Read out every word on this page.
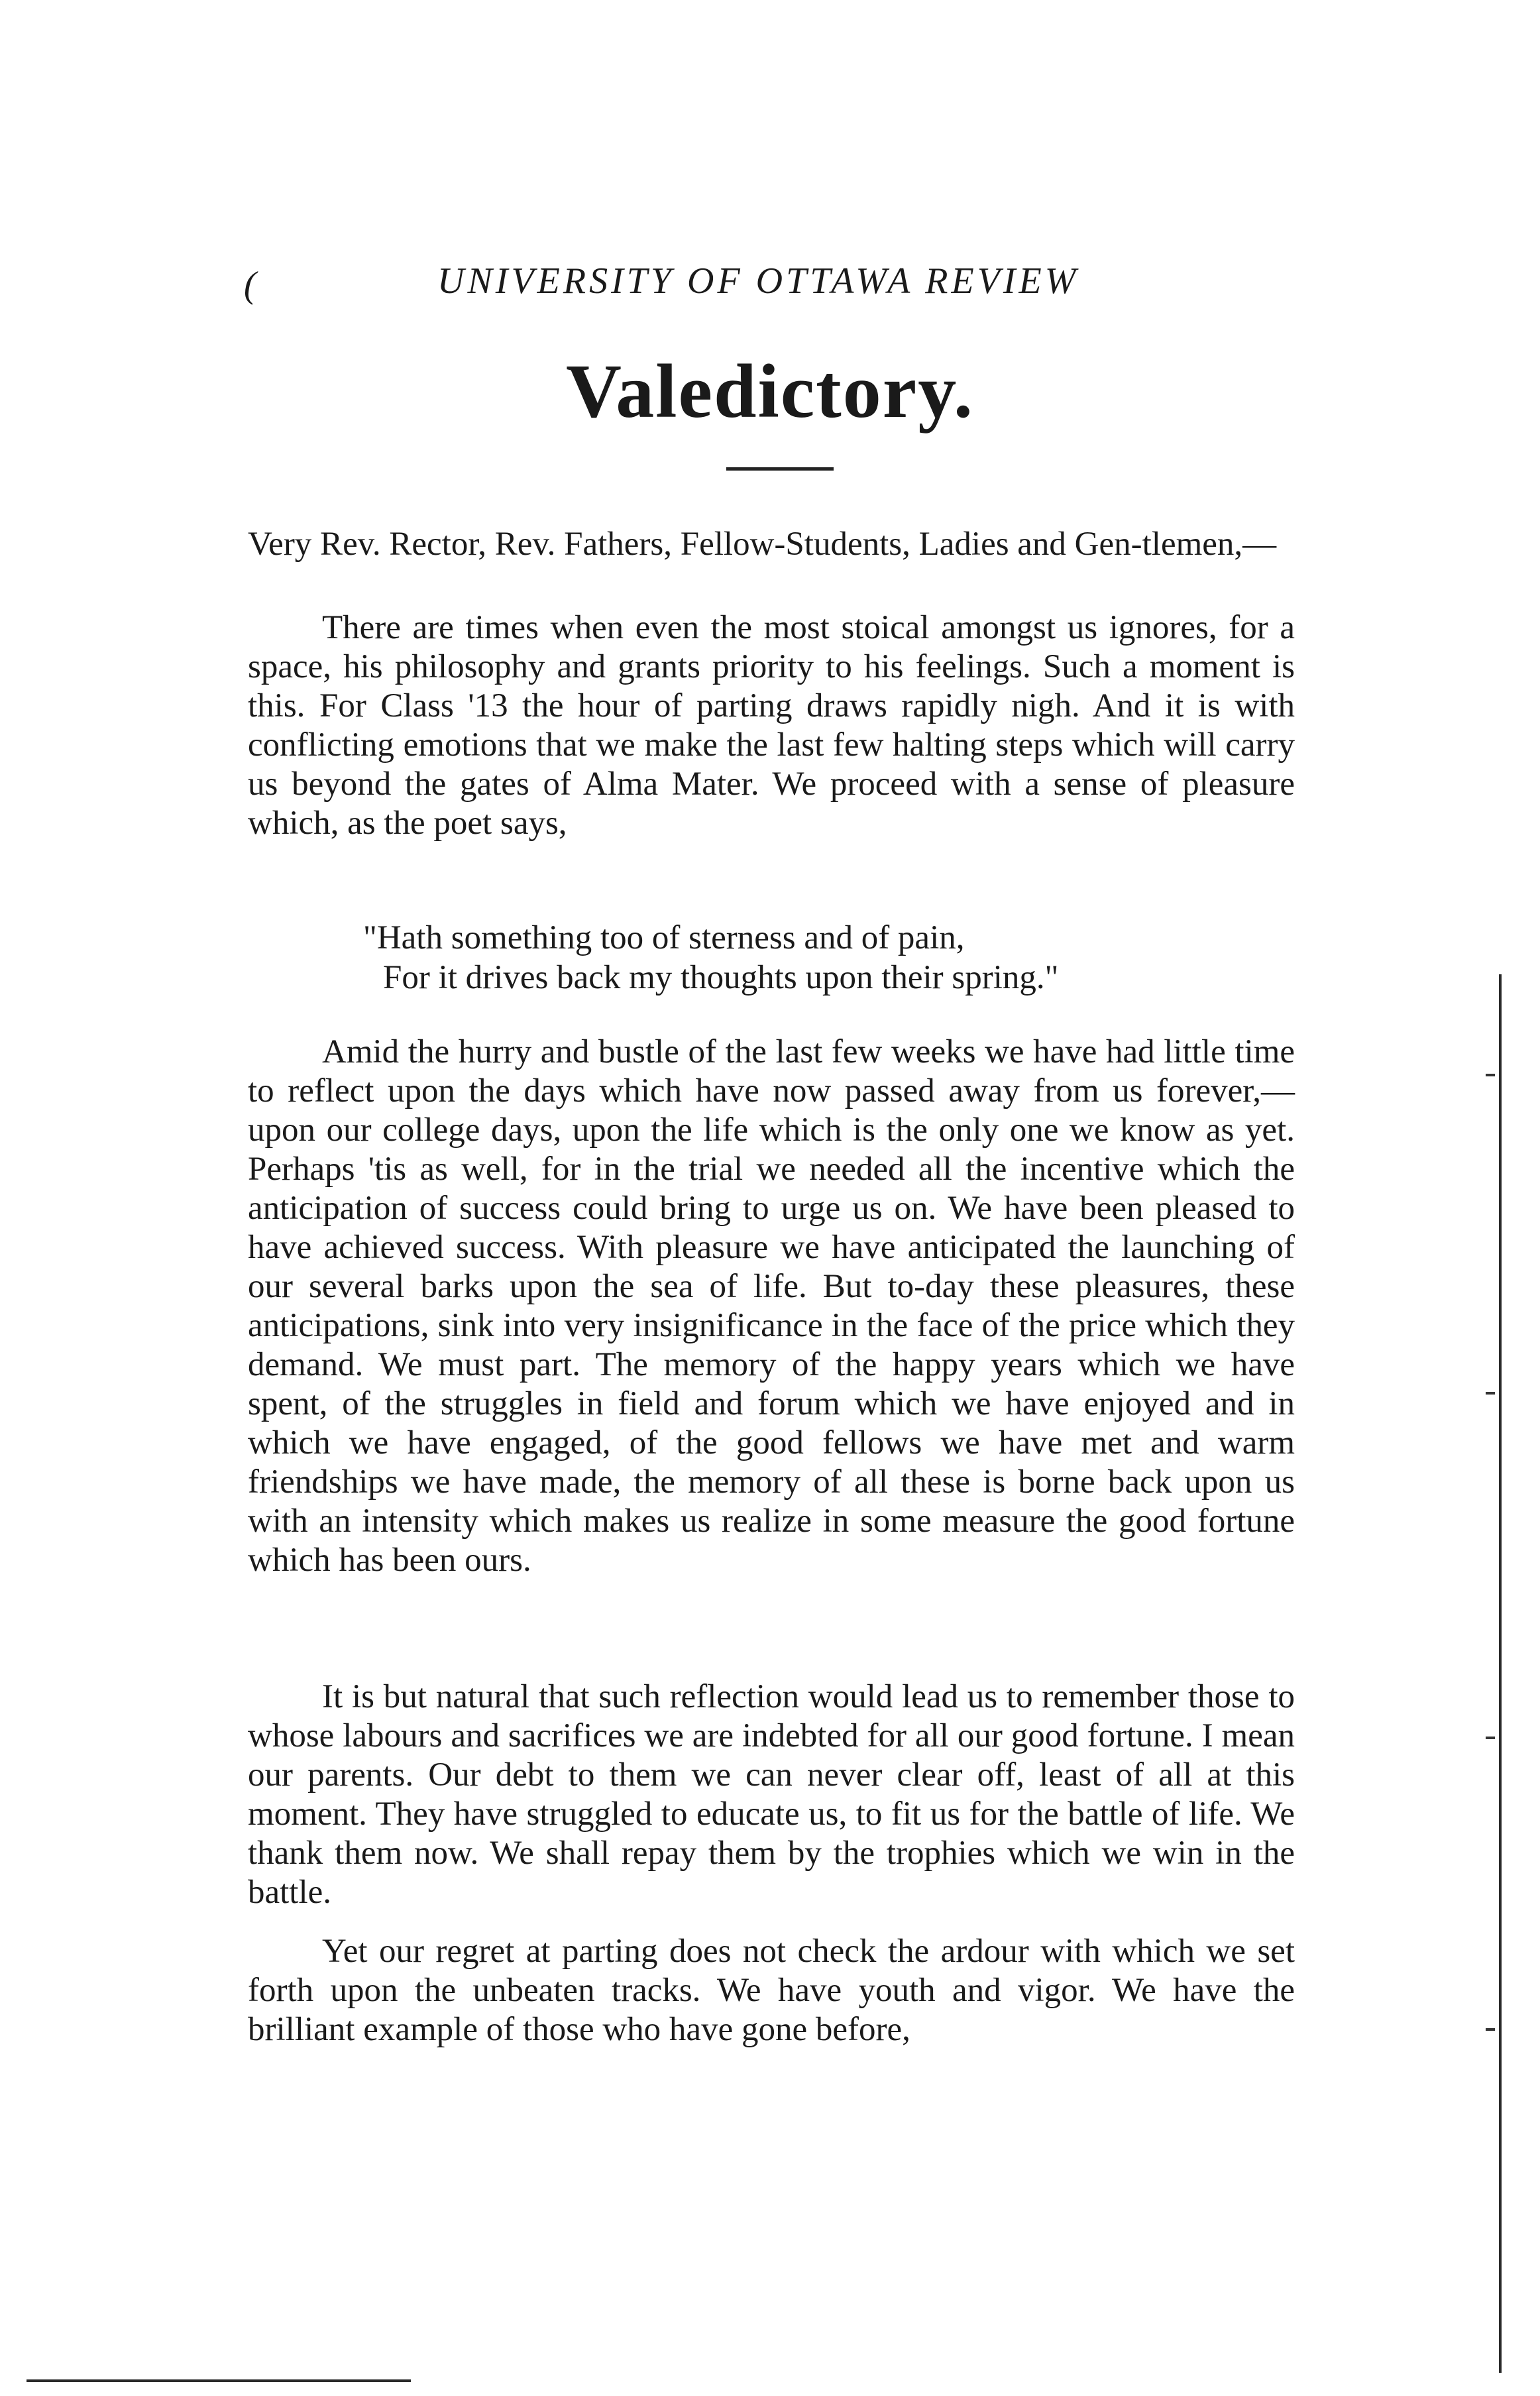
(	UNIVERSITY OF OTTAWA REVIEW
Valedictory.
Very Rev. Rector, Rev. Fathers, Fellow-Students, Ladies and Gen-tlemen,—

There are times when even the most stoical amongst us ignores, for a space, his philosophy and grants priority to his feelings. Such a moment is this. For Class '13 the hour of parting draws rapidly nigh. And it is with conflicting emotions that we make the last few halting steps which will carry us beyond the gates of Alma Mater. We proceed with a sense of pleasure which, as the poet says,

"Hath something too of sterness and of pain,
For it drives back my thoughts upon their spring."

Amid the hurry and bustle of the last few weeks we have had little time to reflect upon the days which have now passed away from us forever,—upon our college days, upon the life which is the only one we know as yet. Perhaps 'tis as well, for in the trial we needed all the incentive which the anticipation of success could bring to urge us on. We have been pleased to have achieved success. With pleasure we have anticipated the launching of our several barks upon the sea of life. But to-day these pleasures, these anticipations, sink into very insignificance in the face of the price which they demand. We must part. The memory of the happy years which we have spent, of the struggles in field and forum which we have enjoyed and in which we have engaged, of the good fellows we have met and warm friendships we have made, the memory of all these is borne back upon us with an intensity which makes us realize in some measure the good fortune which has been ours.

It is but natural that such reflection would lead us to remember those to whose labours and sacrifices we are indebted for all our good fortune. I mean our parents. Our debt to them we can never clear off, least of all at this moment. They have struggled to educate us, to fit us for the battle of life. We thank them now. We shall repay them by the trophies which we win in the battle.

Yet our regret at parting does not check the ardour with which we set forth upon the unbeaten tracks. We have youth and vigor. We have the brilliant example of those who have gone before,
